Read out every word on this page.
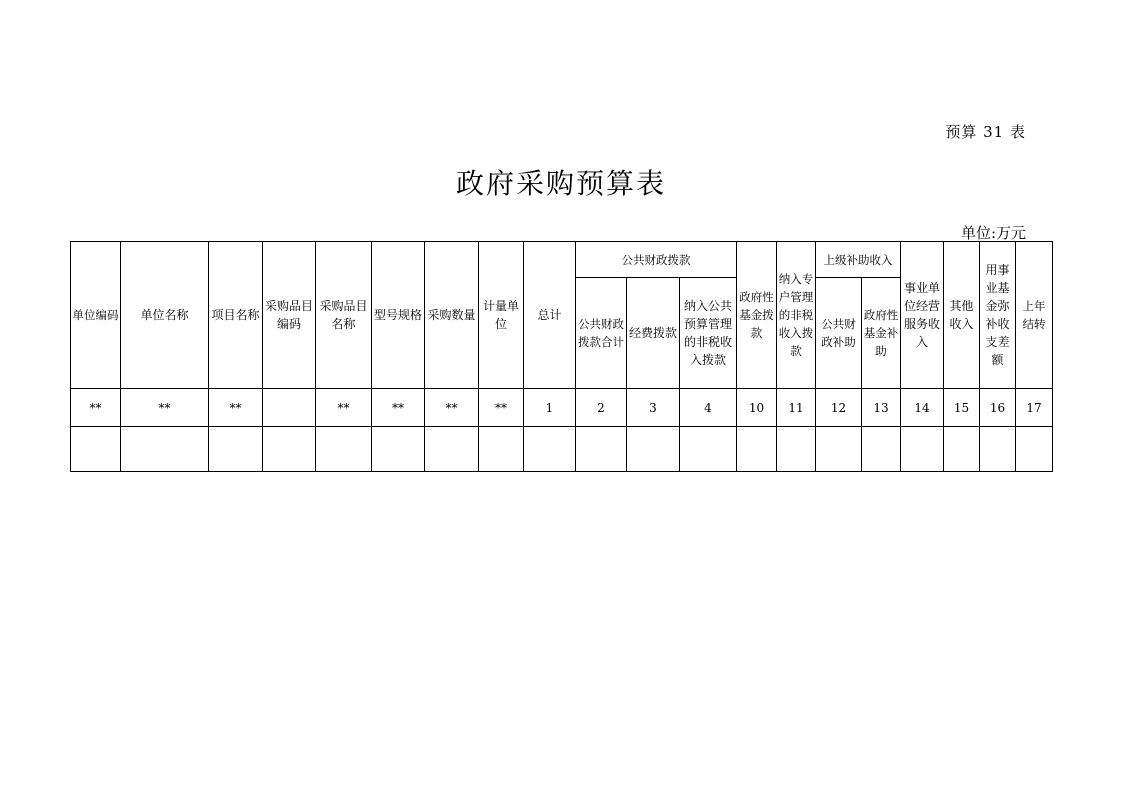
预算 31 表
政府采购预算表
单位:万元
单位编码	单位名称	项目名称	采购品目编码	采购品目名称	型号规格	采购数量	计量单位	总计	公共财政拨款			政府性基金拨款	纳入专户管理的非税收入拨款	上级补助收入		事业单位经营服务收入	其他收入	用事业基金弥补收支差额	上年结转
									公共财政拨款合计	经费拨款	纳入公共预算管理的非税收入拨款			公共财政补助	政府性基金补助				
**	**	**		**	**	**	**	1	2	3	4	10	11	12	13	14	15	16	17
